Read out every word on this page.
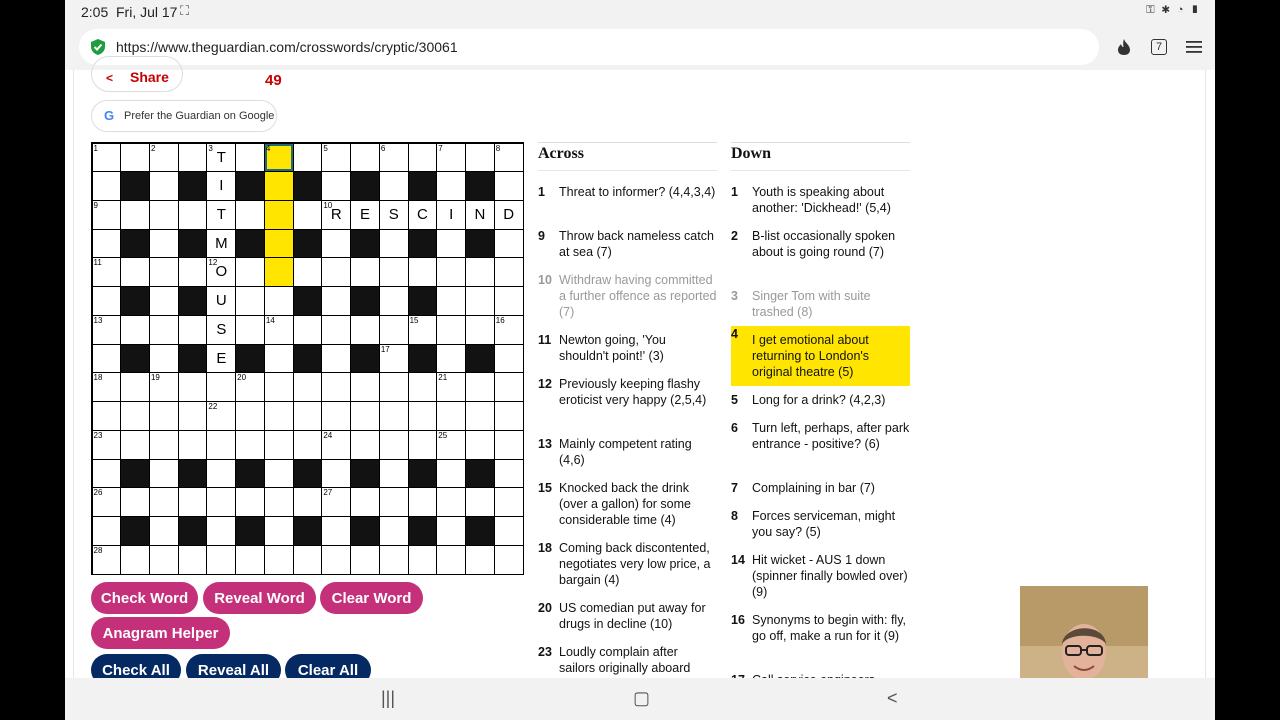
2:05 Fri, Jul 17 ⛶	⚿ ✱ ◔ ▮
https://www.theguardian.com/crosswords/cryptic/30061	7
< Share	49
G Prefer the Guardian on Google
1	2	3
T
4	5	6	7	8
I
9
T
10
R	E	S	C	I	N	D
M
11	12
O
U
13
S
14	15	16
E
17
18	19	20	21
22
23	24	25
26	27
28
Check Word	Reveal Word	Clear Word
Anagram Helper
Check All	Reveal All	Clear All
Across	Down
1	Threat to informer? (4,4,3,4)
9	Throw back nameless catch at sea (7)
10 Withdraw having committed a further offence as reported (7)
11 Newton going, 'You shouldn't point!' (3)
12 Previously keeping flashy eroticist very happy (2,5,4)
13 Mainly competent rating (4,6)
15 Knocked back the drink (over a gallon) for some considerable time (4)
18 Coming back discontented, negotiates very low price, a bargain (4)
20 US comedian put away for drugs in decline (10)
23 Loudly complain after sailors originally aboard
1	Youth is speaking about another: 'Dickhead!' (5,4)
2	B-list occasionally spoken about is going round (7)
3	Singer Tom with suite trashed (8)
4	I get emotional about returning to London's original theatre (5)
5	Long for a drink? (4,2,3)
6	Turn left, perhaps, after park entrance - positive? (6)
7	Complaining in bar (7)
8	Forces serviceman, might you say? (5)
14 Hit wicket - AUS 1 down (spinner finally bowled over) (9)
16 Synonyms to begin with: fly, go off, make a run for it (9)
|||	▢	<
